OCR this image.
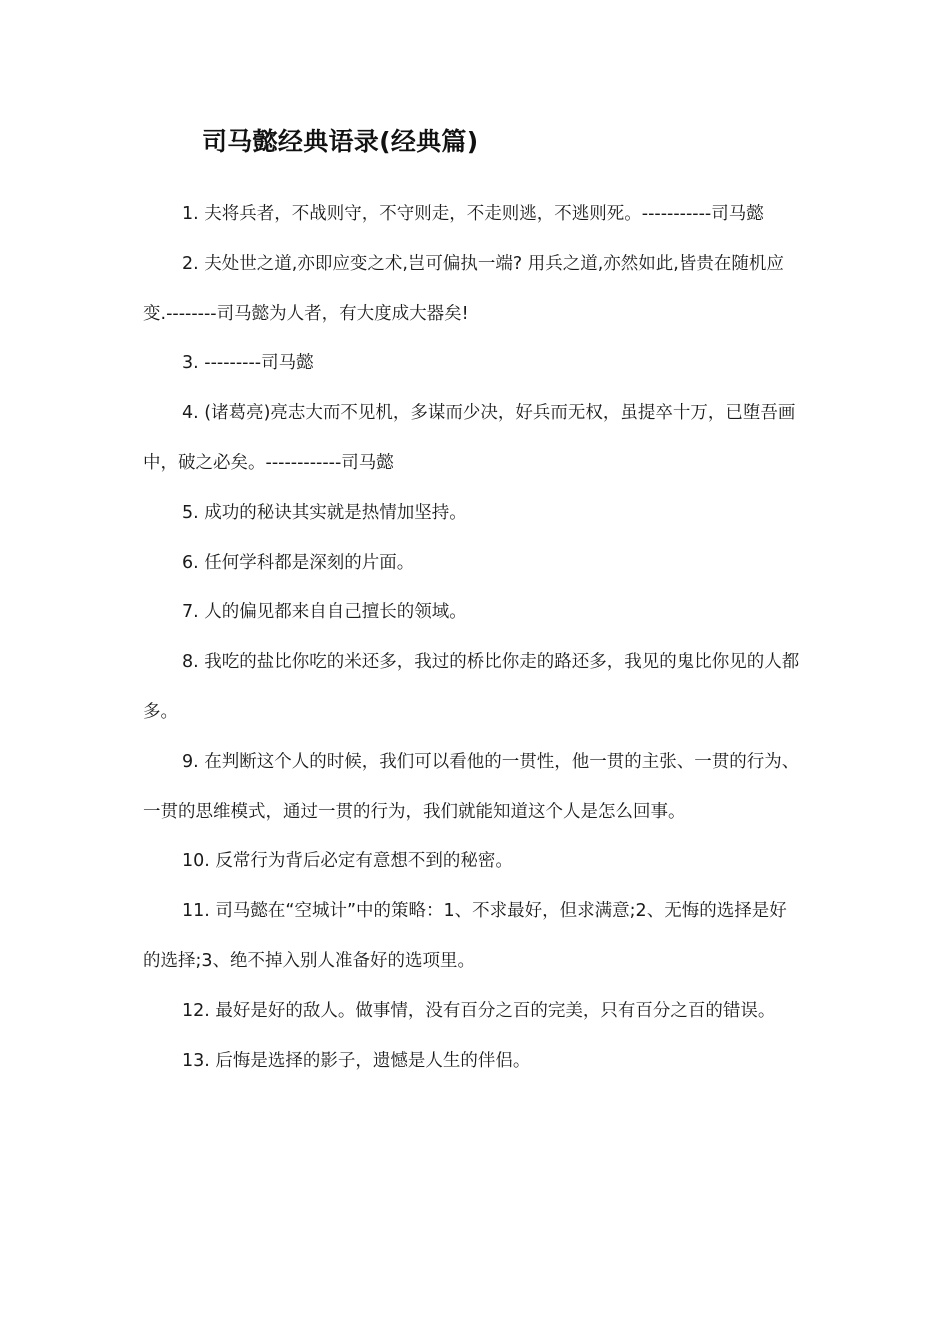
司马懿经典语录(经典篇)
1. 夫将兵者，不战则守，不守则走，不走则逃，不逃则死。-----------司马懿
2. 夫处世之道,亦即应变之术,岂可偏执一端? 用兵之道,亦然如此,皆贵在随机应变.--------司马懿为人者，有大度成大器矣!
3. ---------司马懿
4. (诸葛亮)亮志大而不见机，多谋而少决，好兵而无权，虽提卒十万，已堕吾画中，破之必矣。------------司马懿
5. 成功的秘诀其实就是热情加坚持。
6. 任何学科都是深刻的片面。
7. 人的偏见都来自自己擅长的领域。
8. 我吃的盐比你吃的米还多，我过的桥比你走的路还多，我见的鬼比你见的人都多。
9. 在判断这个人的时候，我们可以看他的一贯性，他一贯的主张、一贯的行为、一贯的思维模式，通过一贯的行为，我们就能知道这个人是怎么回事。
10. 反常行为背后必定有意想不到的秘密。
11. 司马懿在“空城计”中的策略：1、不求最好，但求满意;2、无悔的选择是好的选择;3、绝不掉入别人准备好的选项里。
12. 最好是好的敌人。做事情，没有百分之百的完美，只有百分之百的错误。
13. 后悔是选择的影子，遗憾是人生的伴侣。
